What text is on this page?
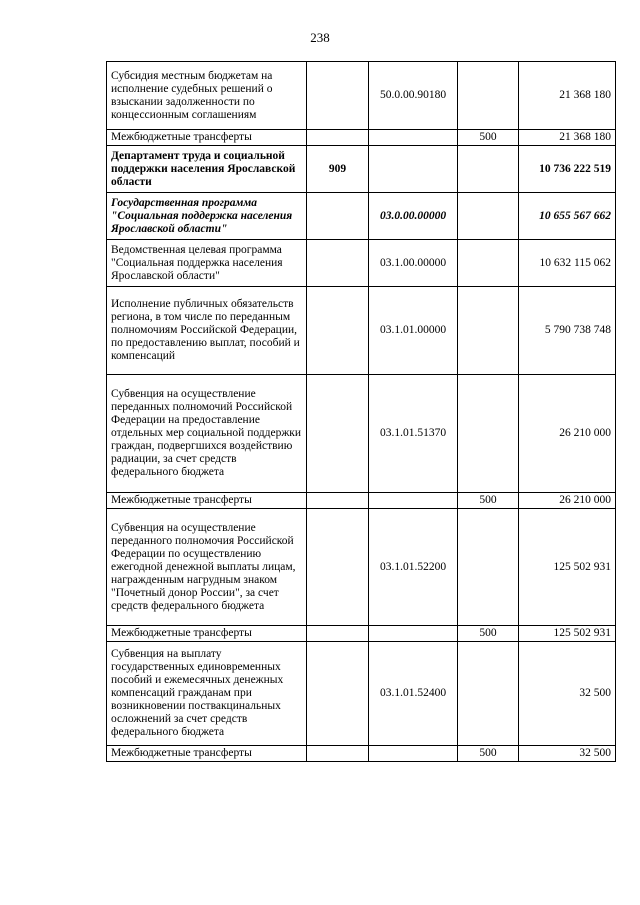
238
Субсидия местным бюджетам на исполнение судебных решений о взыскании задолженности по концессионным соглашениям		50.0.00.90180		21 368 180
Межбюджетные трансферты			500	21 368 180
Департамент труда и социальной поддержки населения Ярославской области	909			10 736 222 519
Государственная программа "Социальная поддержка населения Ярославской области"		03.0.00.00000		10 655 567 662
Ведомственная целевая программа "Социальная поддержка населения Ярославской области"		03.1.00.00000		10 632 115 062
Исполнение публичных обязательств региона, в том числе по переданным полномочиям Российской Федерации, по предоставлению выплат, пособий и компенсаций		03.1.01.00000		5 790 738 748
Субвенция на осуществление переданных полномочий Российской Федерации на предоставление отдельных мер социальной поддержки граждан, подвергшихся воздействию радиации, за счет средств федерального бюджета		03.1.01.51370		26 210 000
Межбюджетные трансферты			500	26 210 000
Субвенция на осуществление переданного полномочия Российской Федерации по осуществлению ежегодной денежной выплаты лицам, награжденным нагрудным знаком "Почетный донор России", за счет средств федерального бюджета		03.1.01.52200		125 502 931
Межбюджетные трансферты			500	125 502 931
Субвенция на выплату государственных единовременных пособий и ежемесячных денежных компенсаций гражданам при возникновении поствакцинальных осложнений за счет средств федерального бюджета		03.1.01.52400		32 500
Межбюджетные трансферты			500	32 500
